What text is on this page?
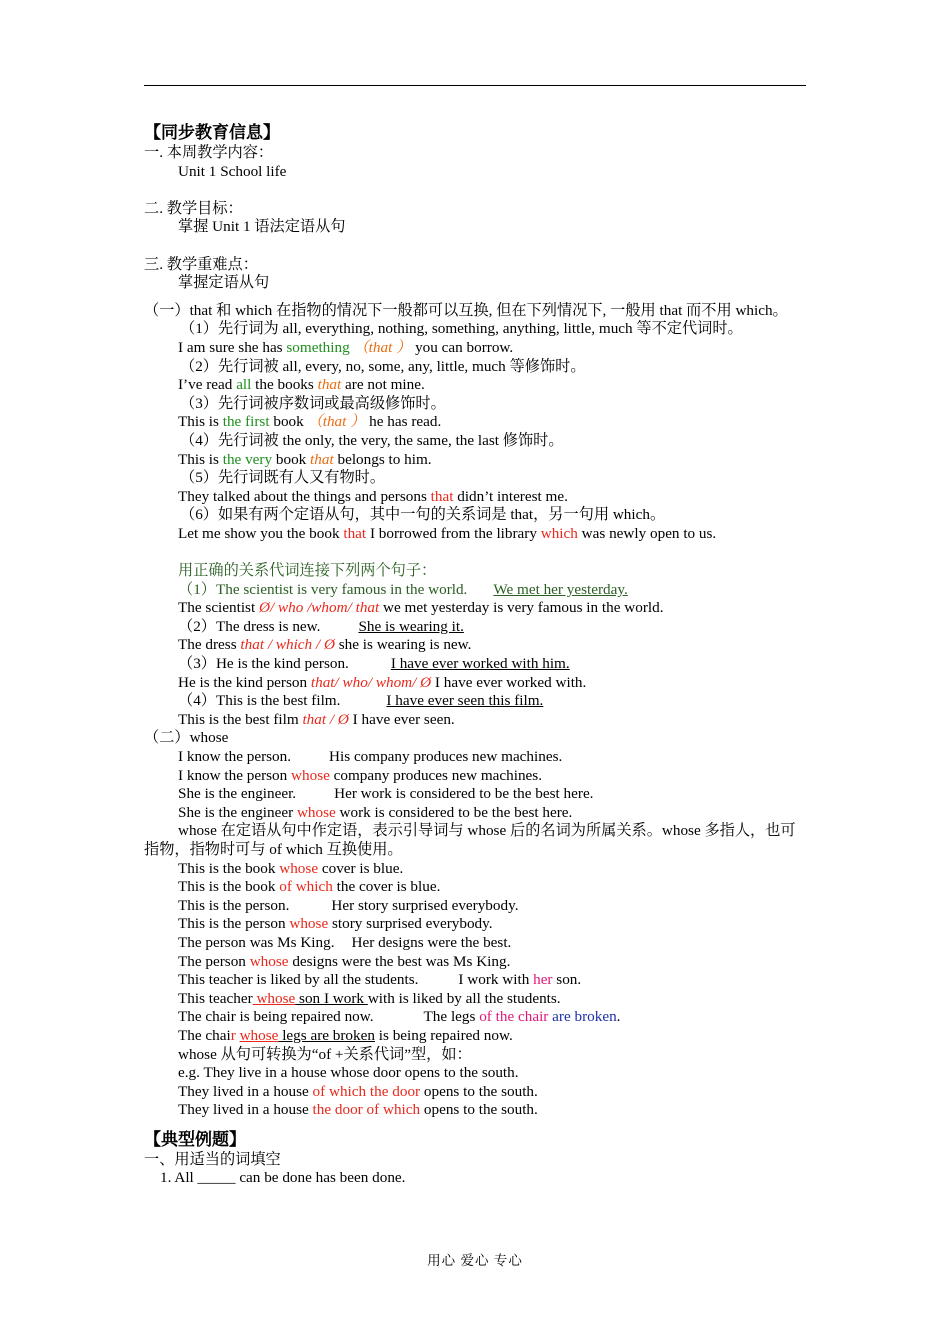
【同步教育信息】
一. 本周教学内容：
Unit 1 School life
二. 教学目标：
掌握 Unit 1 语法定语从句
三. 教学重难点：
掌握定语从句
（一）that 和 which 在指物的情况下一般都可以互换, 但在下列情况下, 一般用 that 而不用 which。
（1）先行词为 all, everything, nothing, something, anything, little, much 等不定代词时。
I am sure she has something （that ） you can borrow.
（2）先行词被 all, every, no, some, any, little, much 等修饰时。
I’ve read all the books that are not mine.
（3）先行词被序数词或最高级修饰时。
This is the first book （that ） he has read.
（4）先行词被 the only, the very, the same, the last 修饰时。
This is the very book that belongs to him.
（5）先行词既有人又有物时。
They talked about the things and persons that didn’t interest me.
（6）如果有两个定语从句，其中一句的关系词是 that，另一句用 which。
Let me show you the book that I borrowed from the library which was newly open to us.
用正确的关系代词连接下列两个句子：
（1）The scientist is very famous in the world. We met her yesterday.
The scientist Ø/ who /whom/ that we met yesterday is very famous in the world.
（2）The dress is new.	She is wearing it.
The dress that / which / Ø she is wearing is new.
（3）He is the kind person.	I have ever worked with him.
He is the kind person that/ who/ whom/ Ø I have ever worked with.
（4）This is the best film.	I have ever seen this film.
This is the best film that / Ø I have ever seen.
（二）whose
I know the person.	His company produces new machines.
I know the person whose company produces new machines.
She is the engineer.	Her work is considered to be the best here.
She is the engineer whose work is considered to be the best here.
whose 在定语从句中作定语，表示引导词与 whose 后的名词为所属关系。whose 多指人，也可指物，指物时可与 of which 互换使用。
This is the book whose cover is blue.
This is the book of which the cover is blue.
This is the person.	Her story surprised everybody.
This is the person whose story surprised everybody.
The person was Ms King. Her designs were the best.
The person whose designs were the best was Ms King.
This teacher is liked by all the students.	I work with her son.
This teacher whose son I work with is liked by all the students.
The chair is being repaired now.	The legs of the chair are broken.
The chair whose legs are broken is being repaired now.
whose 从句可转换为“of +关系代词”型，如：
e.g. They live in a house whose door opens to the south.
They lived in a house of which the door opens to the south.
They lived in a house the door of which opens to the south.
【典型例题】
一、用适当的词填空
1. All _____ can be done has been done.
用心 爱心 专心
